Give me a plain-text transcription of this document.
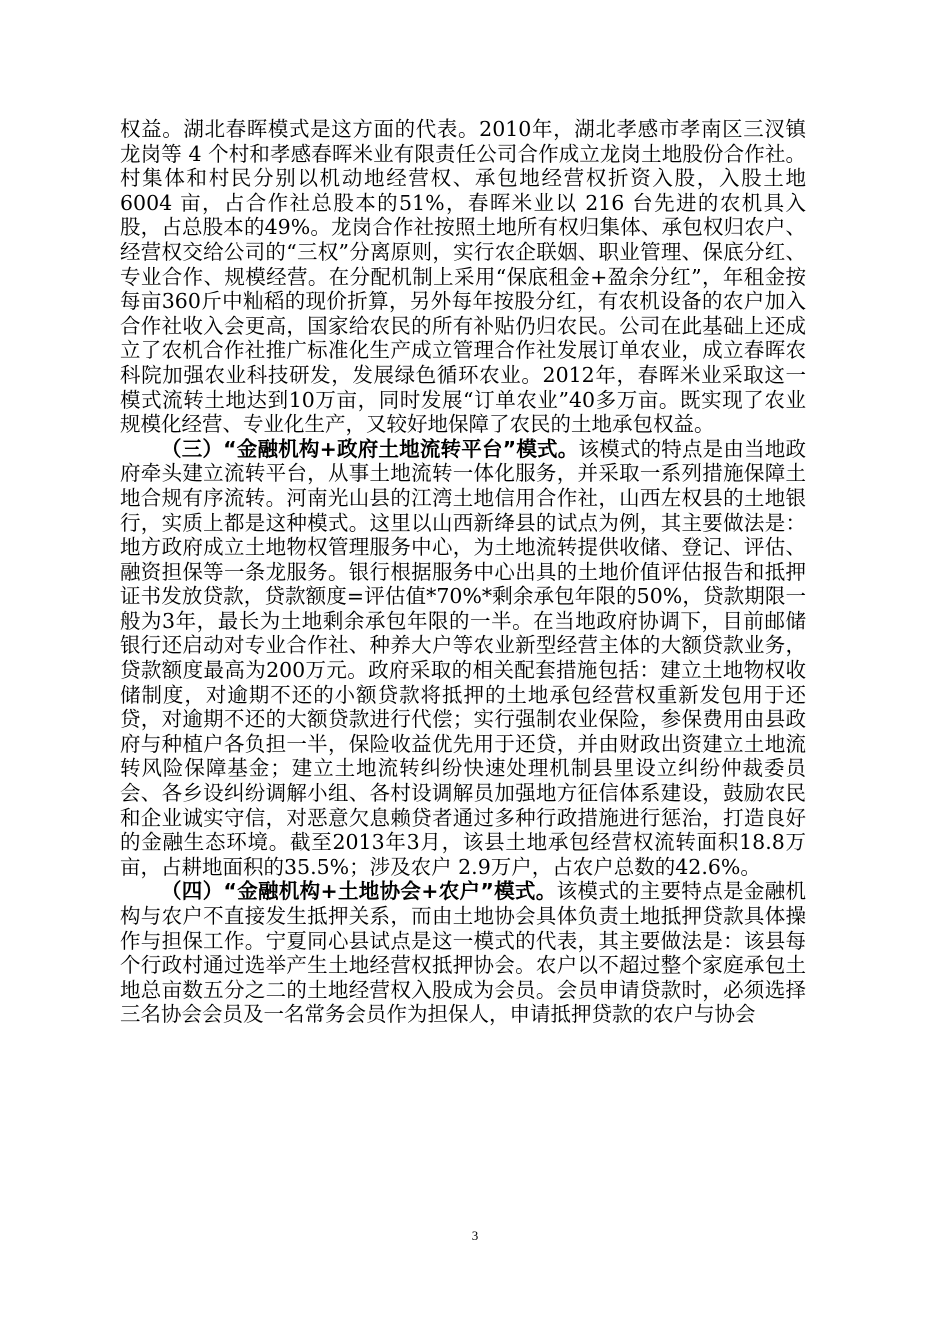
权益。湖北春晖模式是这方面的代表。2010年，湖北孝感市孝南区三汊镇龙岗等 4 个村和孝感春晖米业有限责任公司合作成立龙岗土地股份合作社。村集体和村民分别以机动地经营权、承包地经营权折资入股，入股土地 6004 亩，占合作社总股本的51%，春晖米业以 216 台先进的农机具入股，占总股本的49%。龙岗合作社按照土地所有权归集体、承包权归农户、经营权交给公司的“三权”分离原则，实行农企联姻、职业管理、保底分红、专业合作、规模经营。在分配机制上采用“保底租金+盈余分红”，年租金按每亩360斤中籼稻的现价折算，另外每年按股分红，有农机设备的农户加入合作社收入会更高，国家给农民的所有补贴仍归农民。公司在此基础上还成立了农机合作社推广标准化生产成立管理合作社发展订单农业，成立春晖农科院加强农业科技研发，发展绿色循环农业。2012年，春晖米业采取这一模式流转土地达到10万亩，同时发展“订单农业”40多万亩。既实现了农业规模化经营、专业化生产，又较好地保障了农民的土地承包权益。

（三）“金融机构+政府土地流转平台”模式。该模式的特点是由当地政府牵头建立流转平台，从事土地流转一体化服务，并采取一系列措施保障土地合规有序流转。河南光山县的江湾土地信用合作社，山西左权县的土地银行，实质上都是这种模式。这里以山西新绛县的试点为例，其主要做法是：地方政府成立土地物权管理服务中心，为土地流转提供收储、登记、评估、融资担保等一条龙服务。银行根据服务中心出具的土地价值评估报告和抵押证书发放贷款，贷款额度=评估值*70%*剩余承包年限的50%，贷款期限一般为3年，最长为土地剩余承包年限的一半。在当地政府协调下，目前邮储银行还启动对专业合作社、种养大户等农业新型经营主体的大额贷款业务，贷款额度最高为200万元。政府采取的相关配套措施包括：建立土地物权收储制度，对逾期不还的小额贷款将抵押的土地承包经营权重新发包用于还贷，对逾期不还的大额贷款进行代偿；实行强制农业保险，参保费用由县政府与种植户各负担一半，保险收益优先用于还贷，并由财政出资建立土地流转风险保障基金；建立土地流转纠纷快速处理机制县里设立纠纷仲裁委员会、各乡设纠纷调解小组、各村设调解员加强地方征信体系建设，鼓励农民和企业诚实守信，对恶意欠息赖贷者通过多种行政措施进行惩治，打造良好的金融生态环境。截至2013年3月，该县土地承包经营权流转面积18.8万亩，占耕地面积的35.5%；涉及农户 2.9万户，占农户总数的42.6%。

（四）“金融机构+土地协会+农户”模式。该模式的主要特点是金融机构与农户不直接发生抵押关系，而由土地协会具体负责土地抵押贷款具体操作与担保工作。宁夏同心县试点是这一模式的代表，其主要做法是：该县每个行政村通过选举产生土地经营权抵押协会。农户以不超过整个家庭承包土地总亩数五分之二的土地经营权入股成为会员。会员申请贷款时，必须选择三名协会会员及一名常务会员作为担保人，申请抵押贷款的农户与协会

3
